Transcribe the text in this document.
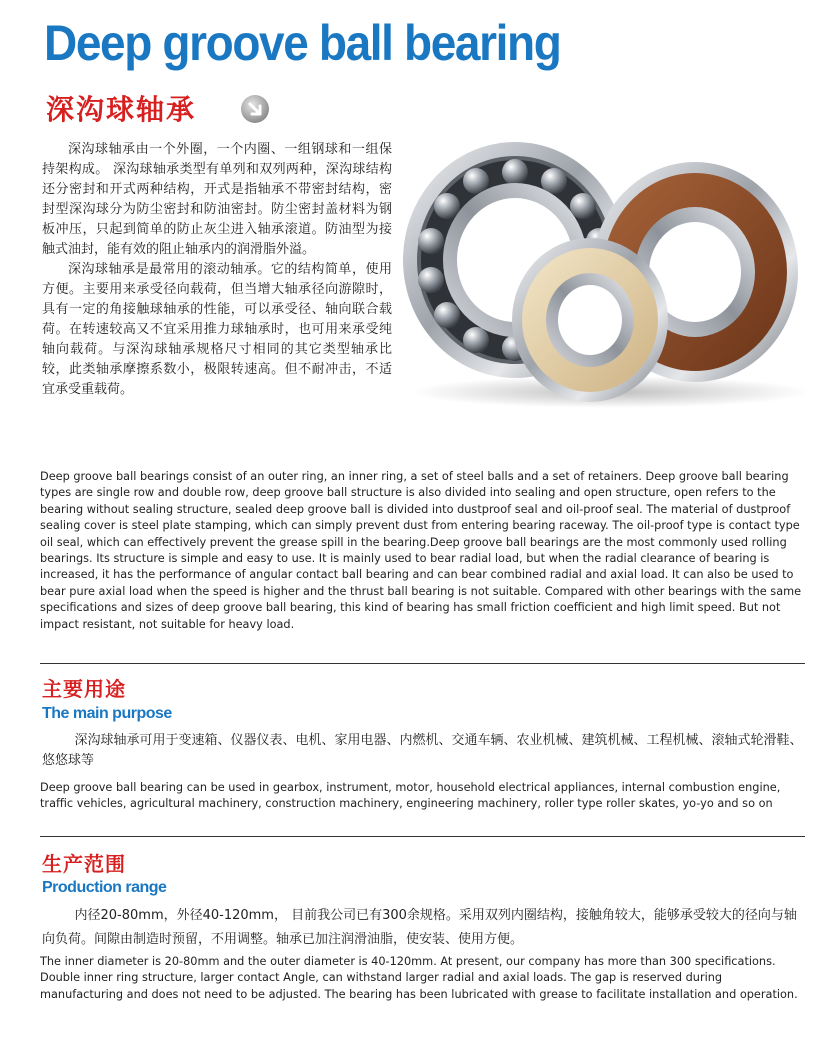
Deep groove ball bearing
深沟球轴承

深沟球轴承由一个外圈，一个内圈、一组钢球和一组保持架构成。 深沟球轴承类型有单列和双列两种，深沟球结构还分密封和开式两种结构，开式是指轴承不带密封结构，密封型深沟球分为防尘密封和防油密封。防尘密封盖材料为钢板冲压，只起到简单的防止灰尘进入轴承滚道。防油型为接触式油封，能有效的阻止轴承内的润滑脂外溢。

深沟球轴承是最常用的滚动轴承。它的结构简单，使用方便。主要用来承受径向载荷，但当增大轴承径向游隙时，具有一定的角接触球轴承的性能，可以承受径、轴向联合载荷。在转速较高又不宜采用推力球轴承时，也可用来承受纯轴向载荷。与深沟球轴承规格尺寸相同的其它类型轴承比较，此类轴承摩擦系数小，极限转速高。但不耐冲击，不适宜承受重载荷。

Deep groove ball bearings consist of an outer ring, an inner ring, a set of steel balls and a set of retainers. Deep groove ball bearing types are single row and double row, deep groove ball structure is also divided into sealing and open structure, open refers to the bearing without sealing structure, sealed deep groove ball is divided into dustproof seal and oil-proof seal. The material of dustproof sealing cover is steel plate stamping, which can simply prevent dust from entering bearing raceway. The oil-proof type is contact type oil seal, which can effectively prevent the grease spill in the bearing.Deep groove ball bearings are the most commonly used rolling bearings. Its structure is simple and easy to use. It is mainly used to bear radial load, but when the radial clearance of bearing is increased, it has the performance of angular contact ball bearing and can bear combined radial and axial load. It can also be used to bear pure axial load when the speed is higher and the thrust ball bearing is not suitable. Compared with other bearings with the same specifications and sizes of deep groove ball bearing, this kind of bearing has small friction coefficient and high limit speed. But not impact resistant, not suitable for heavy load.

主要用途
The main purpose

深沟球轴承可用于变速箱、仪器仪表、电机、家用电器、内燃机、交通车辆、农业机械、建筑机械、工程机械、滚轴式轮滑鞋、悠悠球等

Deep groove ball bearing can be used in gearbox, instrument, motor, household electrical appliances, internal combustion engine, traffic vehicles, agricultural machinery, construction machinery, engineering machinery, roller type roller skates, yo-yo and so on

生产范围
Production range

内径20-80mm，外径40-120mm， 目前我公司已有300余规格。采用双列内圈结构，接触角较大，能够承受较大的径向与轴向负荷。间隙由制造时预留，不用调整。轴承已加注润滑油脂，使安装、使用方便。

The inner diameter is 20-80mm and the outer diameter is 40-120mm. At present, our company has more than 300 specifications. Double inner ring structure, larger contact Angle, can withstand larger radial and axial loads. The gap is reserved during manufacturing and does not need to be adjusted. The bearing has been lubricated with grease to facilitate installation and operation.
